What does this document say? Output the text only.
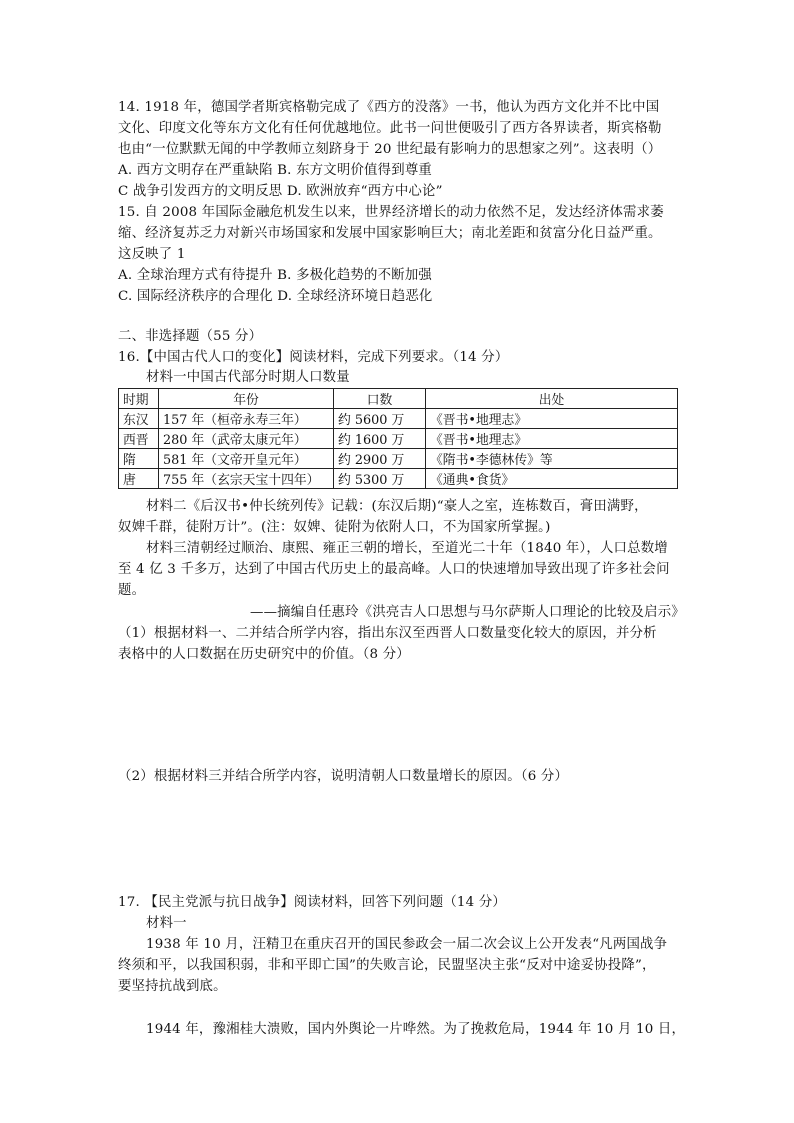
14. 1918 年，德国学者斯宾格勒完成了《西方的没落》一书，他认为西方文化并不比中国
文化、印度文化等东方文化有任何优越地位。此书一问世便吸引了西方各界读者，斯宾格勒
也由“一位默默无闻的中学教师立刻跻身于 20 世纪最有影响力的思想家之列”。这表明（）
A. 西方文明存在严重缺陷 B. 东方文明价值得到尊重
C 战争引发西方的文明反思 D. 欧洲放弃“西方中心论”
15. 自 2008 年国际金融危机发生以来，世界经济增长的动力依然不足，发达经济体需求萎
缩、经济复苏乏力对新兴市场国家和发展中国家影响巨大；南北差距和贫富分化日益严重。
这反映了 1
A. 全球治理方式有待提升 B. 多极化趋势的不断加强
C. 国际经济秩序的合理化 D. 全球经济环境日趋恶化
二、非选择题（55 分）
16.【中国古代人口的变化】阅读材料，完成下列要求。（14 分）
材料一中国古代部分时期人口数量
时期	年份	口数	出处
东汉	157 年（桓帝永寿三年）	约 5600 万	《晋书•地理志》
西晋	280 年（武帝太康元年）	约 1600 万	《晋书•地理志》
隋	581 年（文帝开皇元年）	约 2900 万	《隋书•李德林传》等
唐	755 年（玄宗天宝十四年）	约 5300 万	《通典•食货》
材料二《后汉书•仲长统列传》记载：(东汉后期)“豪人之室，连栋数百，膏田满野，
奴婢千群，徒附万计”。(注：奴婢、徒附为依附人口，不为国家所掌握。)
材料三清朝经过顺治、康熙、雍正三朝的增长，至道光二十年（1840 年），人口总数增
至 4 亿 3 千多万，达到了中国古代历史上的最高峰。人口的快速增加导致出现了许多社会问
题。
——摘编自任惠玲《洪亮吉人口思想与马尔萨斯人口理论的比较及启示》
（1）根据材料一、二并结合所学内容，指出东汉至西晋人口数量变化较大的原因，并分析
表格中的人口数据在历史研究中的价值。（8 分）
（2）根据材料三并结合所学内容，说明清朝人口数量增长的原因。（6 分）
17. 【民主党派与抗日战争】阅读材料，回答下列问题（14 分）
材料一
1938 年 10 月，汪精卫在重庆召开的国民参政会一届二次会议上公开发表“凡两国战争
终须和平，以我国积弱，非和平即亡国”的失败言论，民盟坚决主张“反对中途妥协投降”，
要坚持抗战到底。
1944 年，豫湘桂大溃败，国内外舆论一片哗然。为了挽救危局，1944 年 10 月 10 日，
